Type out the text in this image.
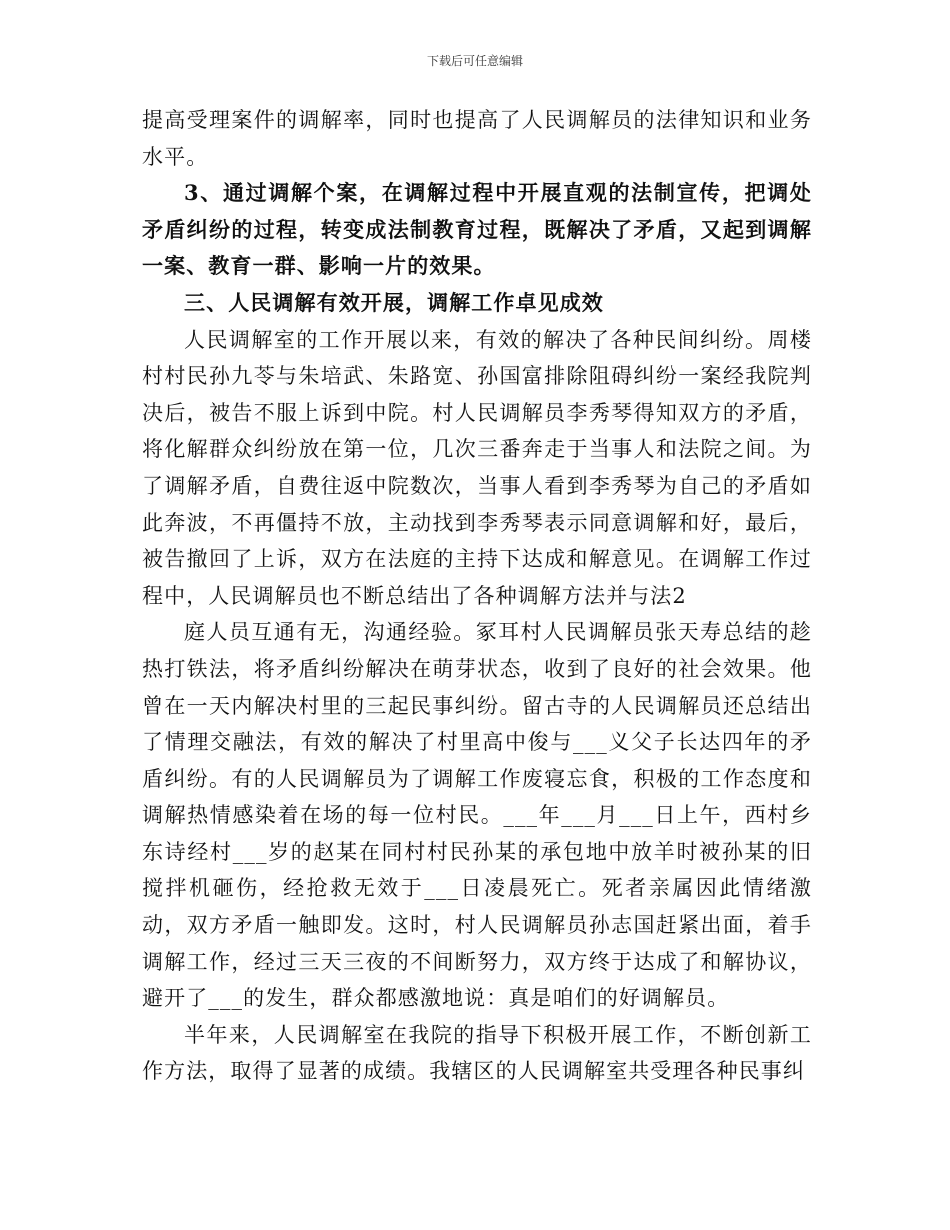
下载后可任意编辑

提高受理案件的调解率，同时也提高了人民调解员的法律知识和业务水平。

3、通过调解个案，在调解过程中开展直观的法制宣传，把调处矛盾纠纷的过程，转变成法制教育过程，既解决了矛盾，又起到调解一案、教育一群、影响一片的效果。

三、人民调解有效开展，调解工作卓见成效

人民调解室的工作开展以来，有效的解决了各种民间纠纷。周楼村村民孙九苓与朱培武、朱路宽、孙国富排除阻碍纠纷一案经我院判决后，被告不服上诉到中院。村人民调解员李秀琴得知双方的矛盾，将化解群众纠纷放在第一位，几次三番奔走于当事人和法院之间。为了调解矛盾，自费往返中院数次，当事人看到李秀琴为自己的矛盾如此奔波，不再僵持不放，主动找到李秀琴表示同意调解和好，最后，被告撤回了上诉，双方在法庭的主持下达成和解意见。在调解工作过程中，人民调解员也不断总结出了各种调解方法并与法2

庭人员互通有无，沟通经验。冢耳村人民调解员张天寿总结的趁热打铁法，将矛盾纠纷解决在萌芽状态，收到了良好的社会效果。他曾在一天内解决村里的三起民事纠纷。留古寺的人民调解员还总结出了情理交融法，有效的解决了村里高中俊与___义父子长达四年的矛盾纠纷。有的人民调解员为了调解工作废寝忘食，积极的工作态度和调解热情感染着在场的每一位村民。___年___月___日上午，西村乡东诗经村___岁的赵某在同村村民孙某的承包地中放羊时被孙某的旧搅拌机砸伤，经抢救无效于___日凌晨死亡。死者亲属因此情绪激动，双方矛盾一触即发。这时，村人民调解员孙志国赶紧出面，着手调解工作，经过三天三夜的不间断努力，双方终于达成了和解协议，避开了___的发生，群众都感激地说：真是咱们的好调解员。

半年来，人民调解室在我院的指导下积极开展工作，不断创新工作方法，取得了显著的成绩。我辖区的人民调解室共受理各种民事纠
